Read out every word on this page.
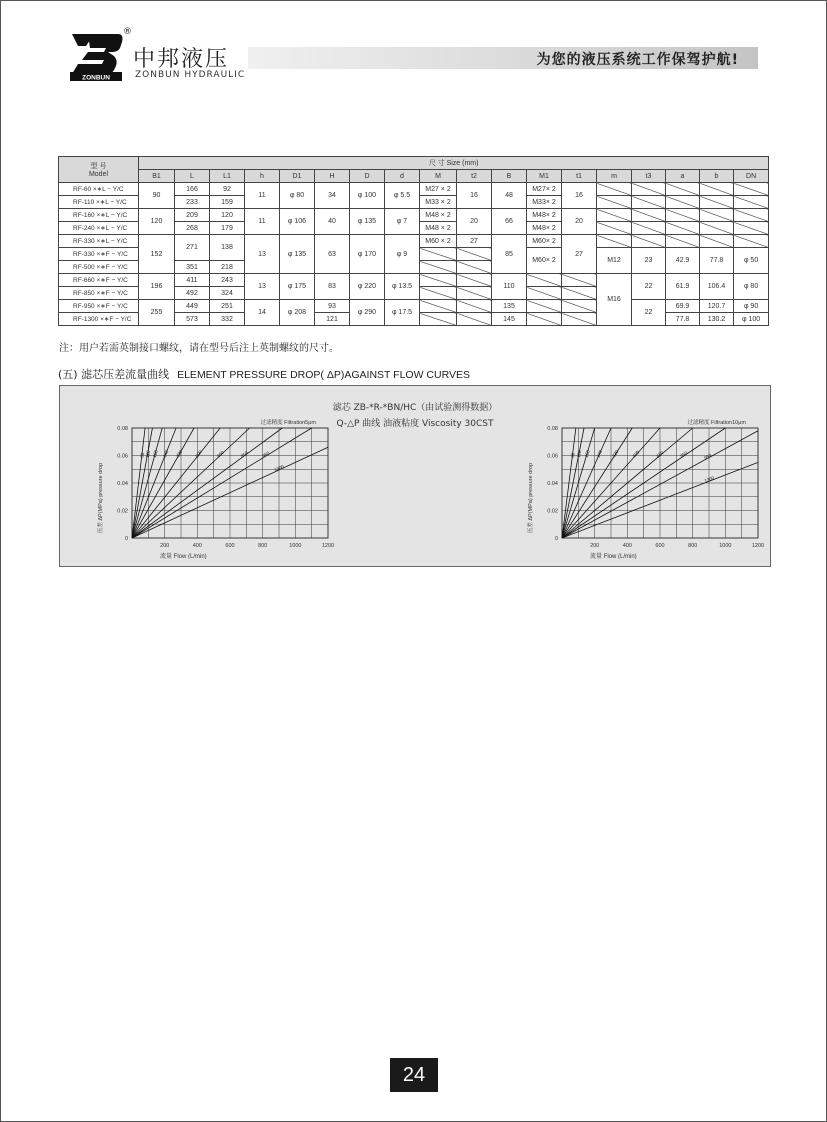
ZONBUN
®
中邦液压
ZONBUN HYDRAULIC
为您的液压系统工作保驾护航!
型 号
Model	尺 寸 Size (mm)																	
	B1	L	L1	h	D1	H	D	d	M	t2	B	M1	t1	m	t3	a	b	DN
RF-60 ×∗L − Y/C	90	166	92	11	φ 80	34	φ 100	φ 5.5	M27 × 2	16	48	M27× 2	16					
RF-110 ×∗L − Y/C		233	159						M33 × 2			M33× 2						
RF-160 ×∗L − Y/C	120	209	120	11	φ 106	40	φ 135	φ 7	M48 × 2	20	66	M48× 2	20					
RF-240 ×∗L − Y/C		268	179						M48 × 2			M48× 2						
RF-330 ×∗L − Y/C	152	271	138	13	φ 135	63	φ 170	φ 9	M60 × 2	27	85	M60× 2	27					
RF-330 ×∗F − Y/C												M60× 2		M12	23	42.9	77.8	φ 50
RF-500 ×∗F − Y/C		351	218															
RF-660 ×∗F − Y/C	196	411	243	13	φ 175	83	φ 220	φ 13.5			110			M16	22	61.9	106.4	φ 80
RF-850 ×∗F − Y/C		492	324															
RF-950 ×∗F − Y/C	255	449	251	14	φ 208	93	φ 290	φ 17.5			135				22	69.9	120.7	φ 90
RF-1300 ×∗F − Y/C		573	332			121					145					77.8	130.2	φ 100
注：用户若需英制接口螺纹，请在型号后注上英制螺纹的尺寸。
(五) 滤芯压差流量曲线 ELEMENT PRESSURE DROP( ΔP)AGAINST FLOW CURVES
滤芯 ZB-*R-*BN/HC（由试验测得数据）
Q-△P 曲线 油液粘度 Viscosity 30CST
200	400	600	800	1000	1200
0
0.02
0.04
0.06
0.08
流量 Flow (L/min)
压差 ΔP(MPa) pressure drop
过滤精度 Filtration5μm
60 110 160 240 330 500	660	850	950
1300
200	400	600	800	1000	1200
0
0.02
0.04
0.06
0.08
流量 Flow (L/min)
压差 ΔP(MPa) pressure drop
过滤精度 Filtration10μm
60 110 160 240 330	500	660	850	950
1300
24
